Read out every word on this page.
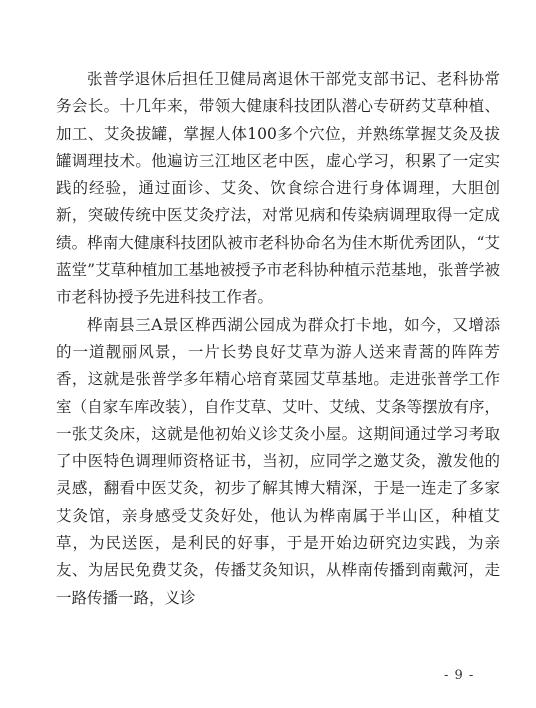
张普学退休后担任卫健局离退休干部党支部书记、老科协常务会长。十几年来，带领大健康科技团队潜心专研药艾草种植、加工、艾灸拔罐，掌握人体100多个穴位，并熟练掌握艾灸及拔罐调理技术。他遍访三江地区老中医，虚心学习，积累了一定实践的经验，通过面诊、艾灸、饮食综合进行身体调理，大胆创新，突破传统中医艾灸疗法，对常见病和传染病调理取得一定成绩。桦南大健康科技团队被市老科协命名为佳木斯优秀团队，“艾蓝堂”艾草种植加工基地被授予市老科协种植示范基地，张普学被市老科协授予先进科技工作者。

桦南县三A景区桦西湖公园成为群众打卡地，如今，又增添的一道靓丽风景，一片长势良好艾草为游人送来青蒿的阵阵芳香，这就是张普学多年精心培育菜园艾草基地。走进张普学工作室（自家车库改装），自作艾草、艾叶、艾绒、艾条等摆放有序，一张艾灸床，这就是他初始义诊艾灸小屋。这期间通过学习考取了中医特色调理师资格证书，当初，应同学之邀艾灸，激发他的灵感，翻看中医艾灸，初步了解其博大精深，于是一连走了多家艾灸馆，亲身感受艾灸好处，他认为桦南属于半山区，种植艾草，为民送医，是利民的好事，于是开始边研究边实践，为亲友、为居民免费艾灸，传播艾灸知识，从桦南传播到南戴河，走一路传播一路，义诊

- 9 -
